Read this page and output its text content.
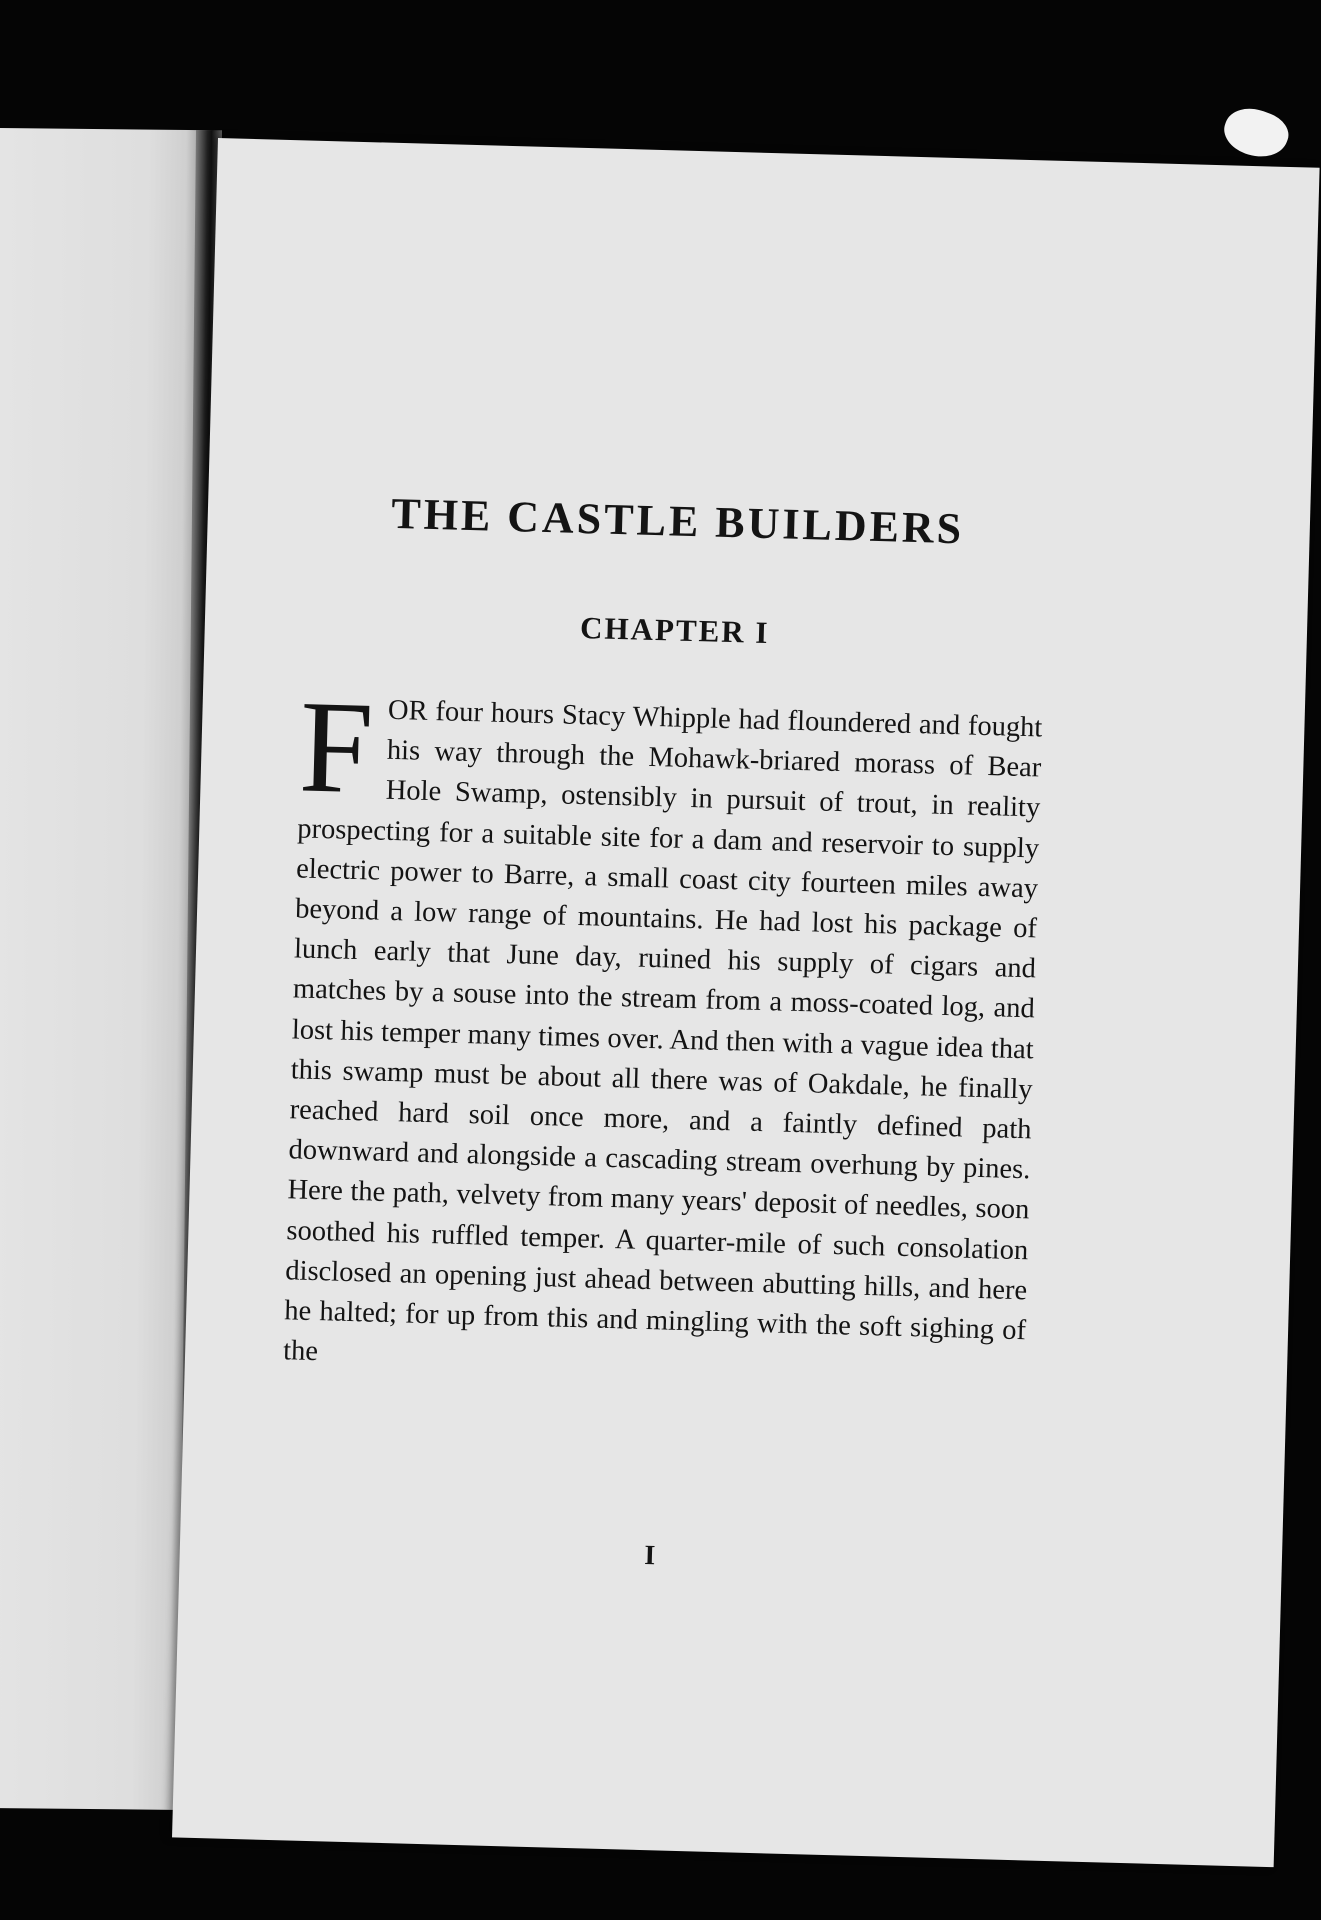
THE CASTLE BUILDERS
CHAPTER I

FOR four hours Stacy Whipple had floundered and fought his way through the Mohawk-briared morass of Bear Hole Swamp, ostensibly in pursuit of trout, in reality prospecting for a suitable site for a dam and reservoir to supply electric power to Barre, a small coast city fourteen miles away beyond a low range of mountains. He had lost his package of lunch early that June day, ruined his supply of cigars and matches by a souse into the stream from a moss-coated log, and lost his temper many times over. And then with a vague idea that this swamp must be about all there was of Oakdale, he finally reached hard soil once more, and a faintly defined path downward and alongside a cascading stream overhung by pines. Here the path, velvety from many years' deposit of needles, soon soothed his ruffled temper. A quarter-mile of such consolation disclosed an opening just ahead between abutting hills, and here he halted; for up from this and mingling with the soft sighing of the

I
